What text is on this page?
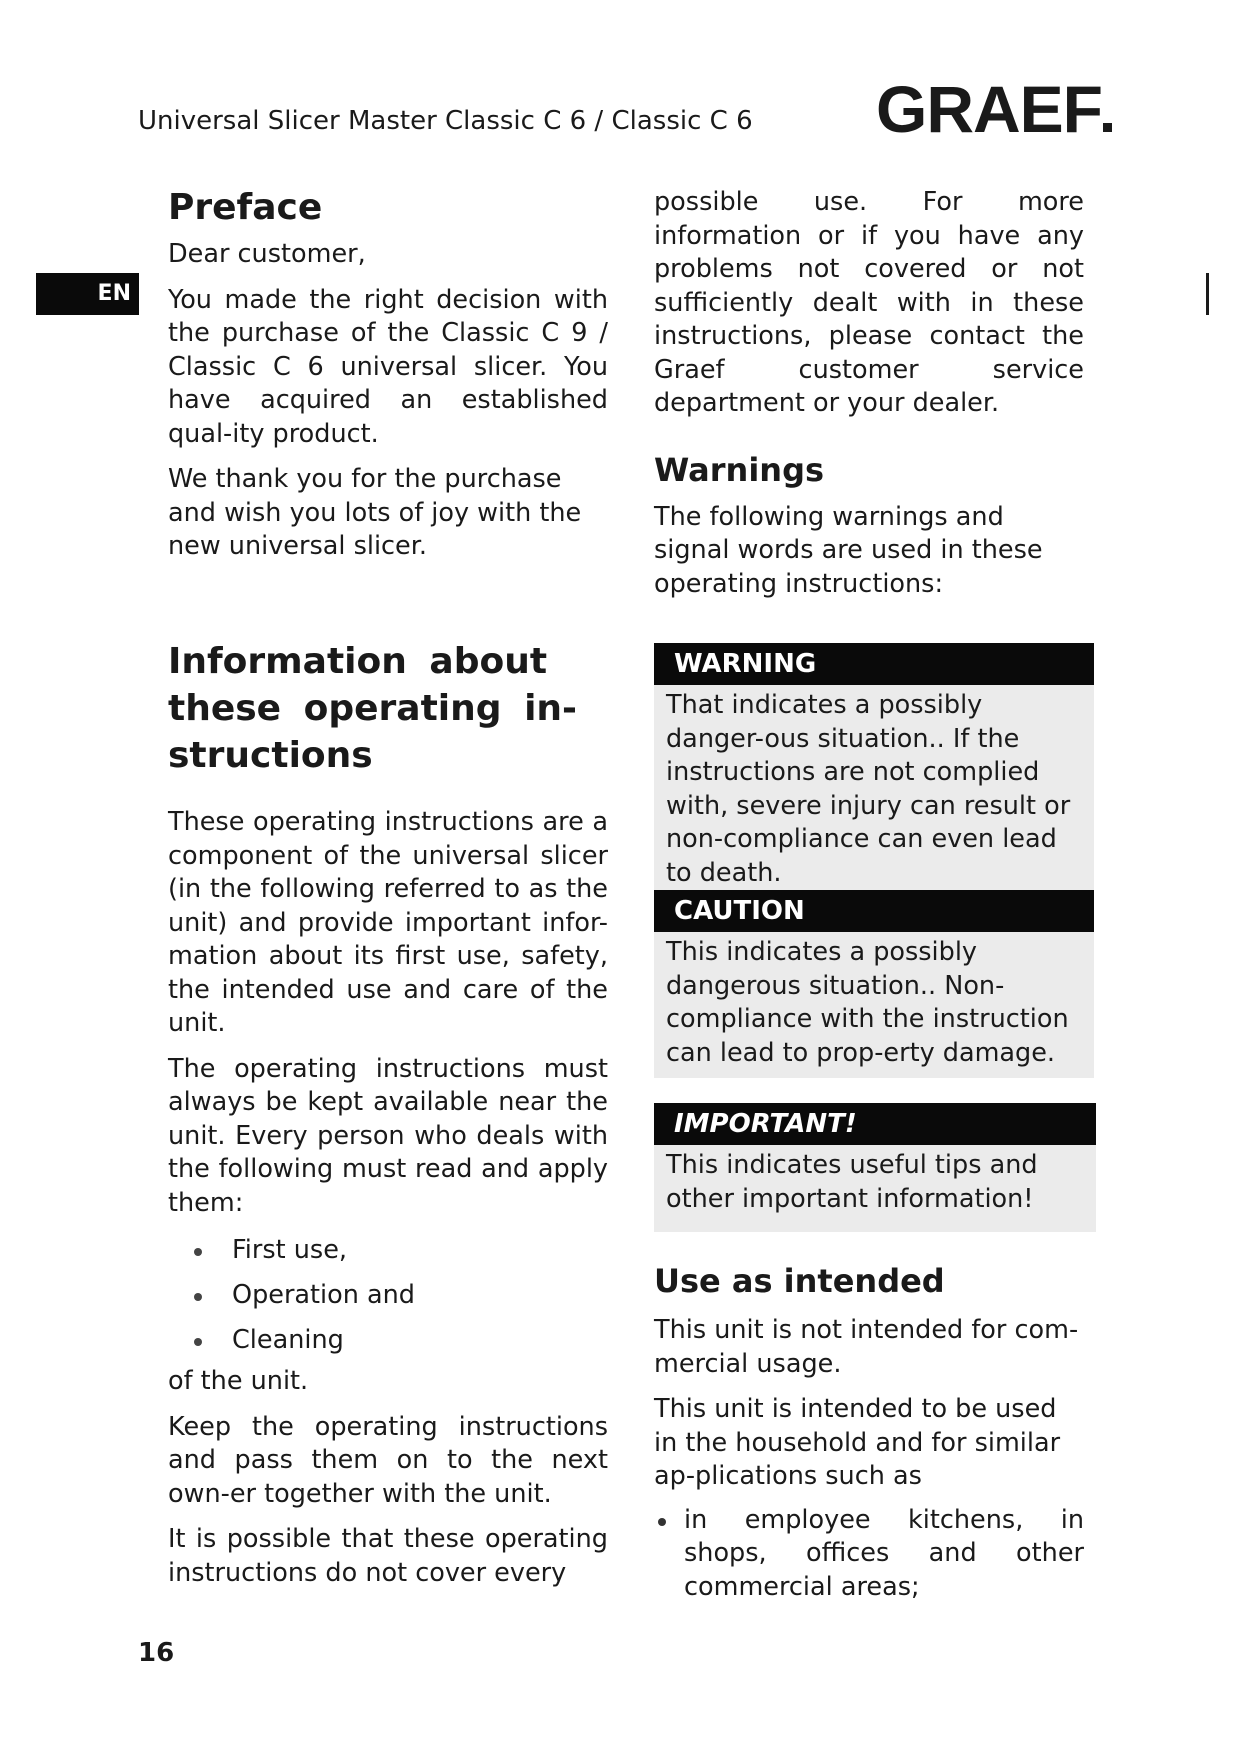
Universal Slicer Master Classic C 6 / Classic C 6 GRAEF
EN
Preface

Dear customer,

You made the right decision with the purchase of the Classic C 9 / Classic C 6 universal slicer. You have acquired an established qual-ity product.

We thank you for the purchase and wish you lots of joy with the new universal slicer.

Information about these operating in-structions

These operating instructions are a component of the universal slicer (in the following referred to as the unit) and provide important infor-mation about its first use, safety, the intended use and care of the unit.

The operating instructions must always be kept available near the unit. Every person who deals with the following must read and apply them:

First use,
Operation and
Cleaning

of the unit.

Keep the operating instructions and pass them on to the next own-er together with the unit.

It is possible that these operating instructions do not cover every

possible use. For more information or if you have any problems not covered or not sufficiently dealt with in these instructions, please contact the Graef customer service department or your dealer.

Warnings

The following warnings and signal words are used in these operating instructions:

WARNING
That indicates a possibly danger-ous situation.. If the instructions are not complied with, severe injury can result or non-compliance can even lead to death.
CAUTION
This indicates a possibly dangerous situation.. Non-compliance with the instruction can lead to prop-erty damage.
IMPORTANT!
This indicates useful tips and other important information!
Use as intended

This unit is not intended for com-mercial usage.

This unit is intended to be used in the household and for similar ap-plications such as

in employee kitchens, in shops, offices and other commercial areas;

16
